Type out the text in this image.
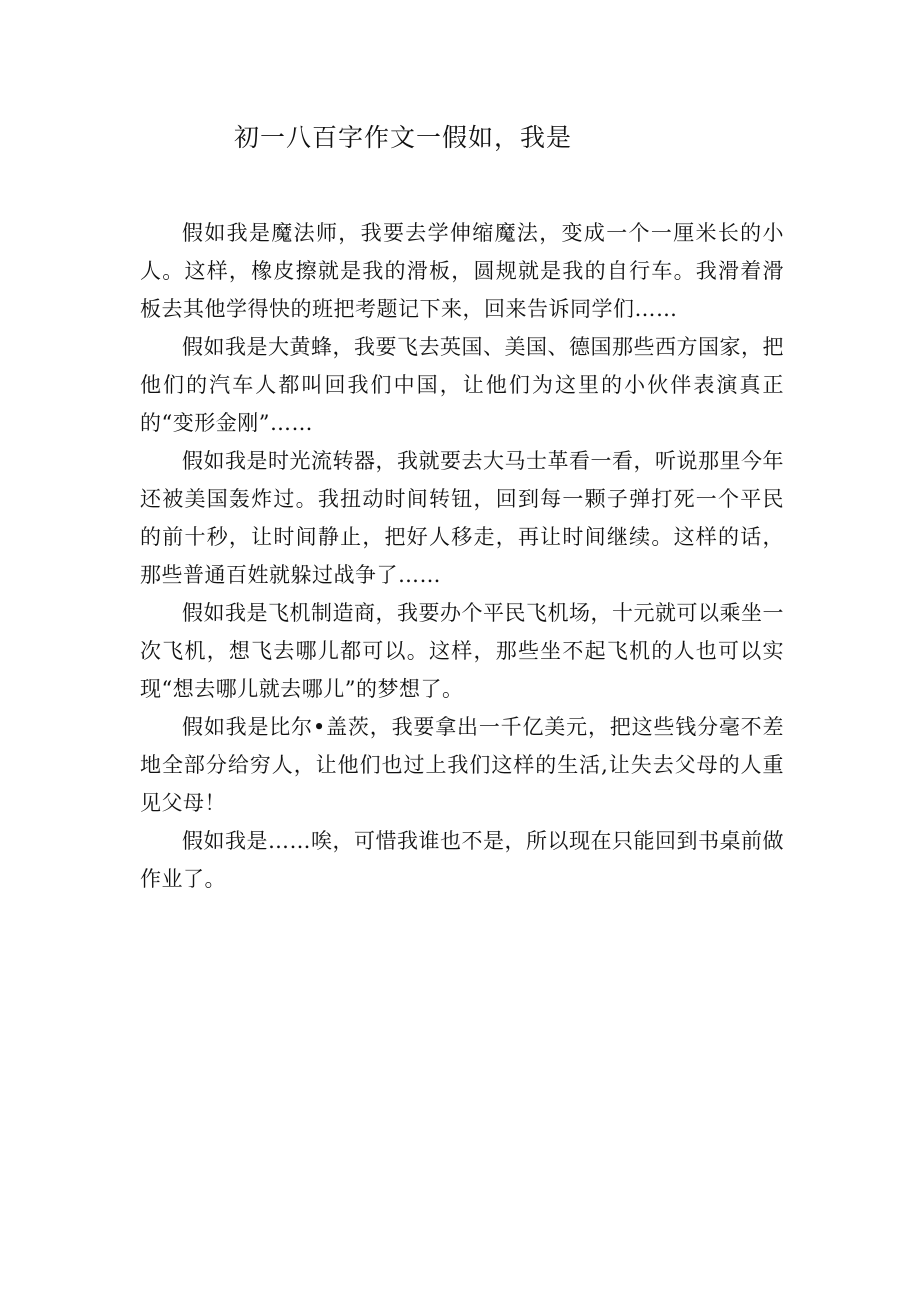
初一八百字作文一假如，我是

假如我是魔法师，我要去学伸缩魔法，变成一个一厘米长的小人。这样，橡皮擦就是我的滑板，圆规就是我的自行车。我滑着滑板去其他学得快的班把考题记下来，回来告诉同学们……

假如我是大黄蜂，我要飞去英国、美国、德国那些西方国家，把他们的汽车人都叫回我们中国，让他们为这里的小伙伴表演真正的“变形金刚”……

假如我是时光流转器，我就要去大马士革看一看，听说那里今年还被美国轰炸过。我扭动时间转钮，回到每一颗子弹打死一个平民的前十秒，让时间静止，把好人移走，再让时间继续。这样的话，那些普通百姓就躲过战争了……

假如我是飞机制造商，我要办个平民飞机场，十元就可以乘坐一次飞机，想飞去哪儿都可以。这样，那些坐不起飞机的人也可以实现“想去哪儿就去哪儿”的梦想了。

假如我是比尔•盖茨，我要拿出一千亿美元，把这些钱分毫不差地全部分给穷人，让他们也过上我们这样的生活,让失去父母的人重见父母！

假如我是……唉，可惜我谁也不是，所以现在只能回到书桌前做作业了。
